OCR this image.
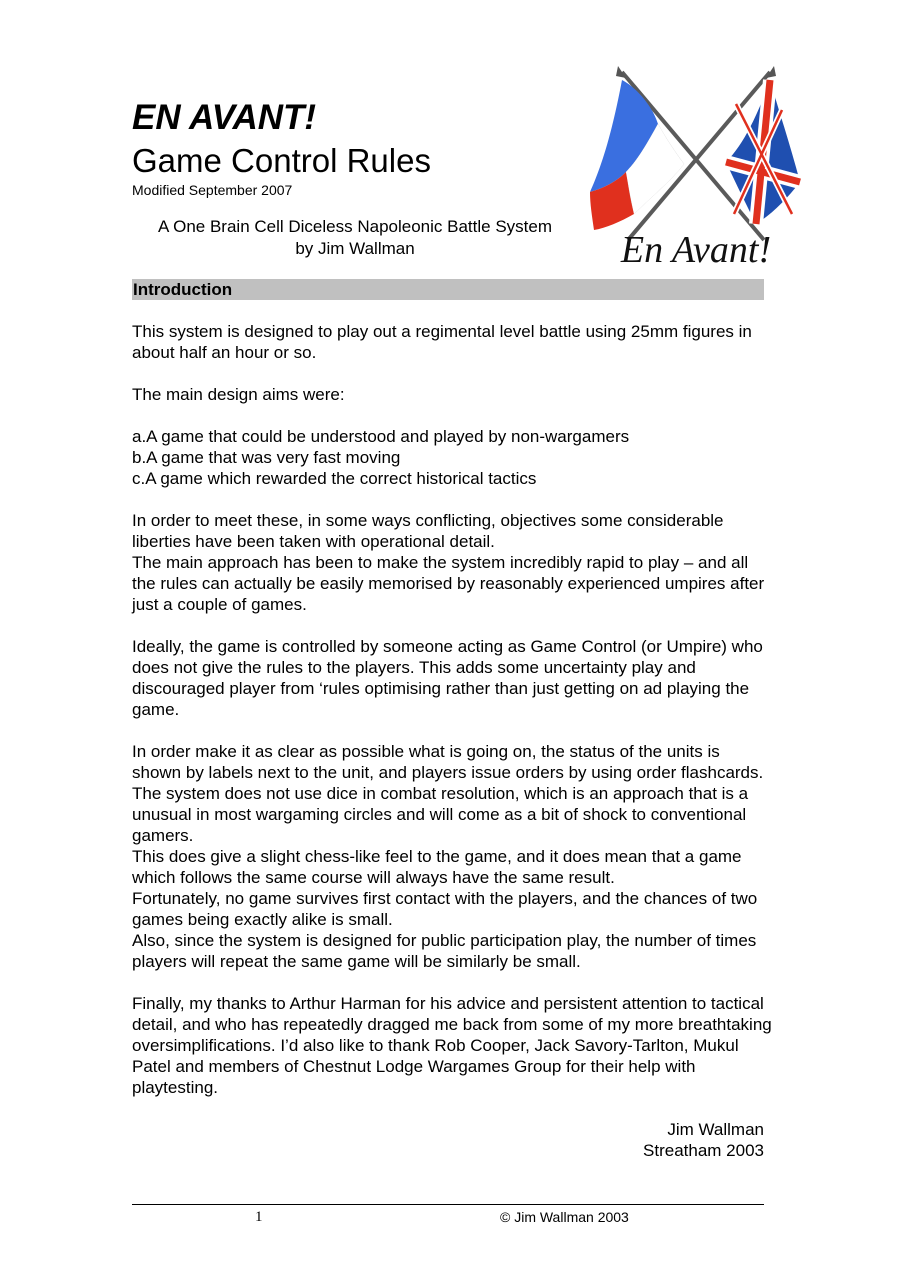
EN AVANT!
Game Control Rules
Modified September 2007
A One Brain Cell Diceless Napoleonic Battle System
by Jim Wallman	En Avant!
Introduction

This system is designed to play out a regimental level battle using 25mm figures in about half an hour or so.

The main design aims were:

a.A game that could be understood and played by non-wargamers
b.A game that was very fast moving
c.A game which rewarded the correct historical tactics

In order to meet these, in some ways conflicting, objectives some considerable liberties have been taken with operational detail.
The main approach has been to make the system incredibly rapid to play – and all the rules can actually be easily memorised by reasonably experienced umpires after just a couple of games.

Ideally, the game is controlled by someone acting as Game Control (or Umpire) who does not give the rules to the players. This adds some uncertainty play and discouraged player from ‘rules optimising rather than just getting on ad playing the game.

In order make it as clear as possible what is going on, the status of the units is shown by labels next to the unit, and players issue orders by using order flashcards. The system does not use dice in combat resolution, which is an approach that is a unusual in most wargaming circles and will come as a bit of shock to conventional gamers.
This does give a slight chess-like feel to the game, and it does mean that a game which follows the same course will always have the same result.
Fortunately, no game survives first contact with the players, and the chances of two games being exactly alike is small.
Also, since the system is designed for public participation play, the number of times players will repeat the same game will be similarly be small.

Finally, my thanks to Arthur Harman for his advice and persistent attention to tactical detail, and who has repeatedly dragged me back from some of my more breathtaking oversimplifications. I’d also like to thank Rob Cooper, Jack Savory-Tarlton, Mukul Patel and members of Chestnut Lodge Wargames Group for their help with playtesting.

Jim Wallman
Streatham 2003
1	© Jim Wallman 2003
